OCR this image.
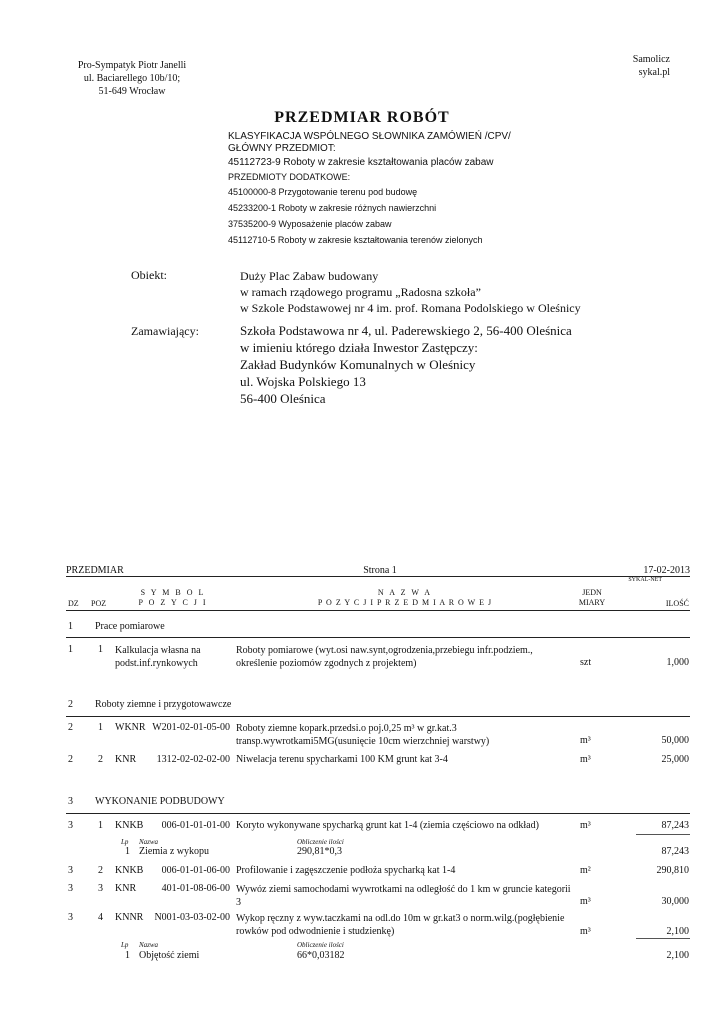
Pro-Sympatyk Piotr Janelli
ul. Baciarellego 10b/10;
51-649 Wrocław
Samolicz
sykal.pl
PRZEDMIAR ROBÓT
KLASYFIKACJA WSPÓLNEGO SŁOWNIKA ZAMÓWIEŃ /CPV/
GŁÓWNY PRZEDMIOT:
45112723-9 Roboty w zakresie kształtowania placów zabaw
PRZEDMIOTY DODATKOWE:
45100000-8 Przygotowanie terenu pod budowę
45233200-1 Roboty w zakresie różnych nawierzchni
37535200-9 Wyposażenie placów zabaw
45112710-5 Roboty w zakresie kształtowania terenów zielonych
Obiekt:	Duży Plac Zabaw budowany
w ramach rządowego programu „Radosna szkoła”
w Szkole Podstawowej nr 4 im. prof. Romana Podolskiego w Oleśnicy
Zamawiający:	Szkoła Podstawowa nr 4, ul. Paderewskiego 2, 56-400 Oleśnica
w imieniu którego działa Inwestor Zastępczy:
Zakład Budynków Komunalnych w Oleśnicy
ul. Wojska Polskiego 13
56-400 Oleśnica
PRZEDMIAR	Strona 1	17-02-2013
SYKAL-NET
S Y M B O L
P O Z Y C J I
N A Z W A
P O Z Y C J I P R Z E D M I A R O W E J
JEDN
MIARY
DZ POZ	ILOŚĆ
1 Prace pomiarowe
1	1 Kalkulacja własna na
podst.inf.rynkowych
Roboty pomiarowe (wyt.osi naw.synt,ogrodzenia,przebiegu infr.podziem.,
określenie poziomów zgodnych z projektem)	szt	1,000
2 Roboty ziemne i przygotowawcze
2	1 WKNR W201-02-01-05-00 Roboty ziemne kopark.przedsi.o poj.0,25 m³ w gr.kat.3
transp.wywrotkami5MG(usunięcie 10cm wierzchniej warstwy)	m³	50,000
2	2 KNR	1312-02-02-02-00 Niwelacja terenu spycharkami 100 KM grunt kat 3-4	m³	25,000
3 WYKONANIE PODBUDOWY
3	1 KNKB	006-01-01-01-00 Koryto wykonywane spycharką grunt kat 1-4 (ziemia częściowo na odkład)	m³	87,243
Lp Nazwa	Obliczenie ilości
1 Ziemia z wykopu	290,81*0,3	87,243
3	2 KNKB	006-01-01-06-00 Profilowanie i zagęszczenie podłoża spycharką kat 1-4	m²	290,810
3	3 KNR	401-01-08-06-00 Wywóz ziemi samochodami wywrotkami na odległość do 1 km w gruncie kategorii
3	m³	30,000
3	4 KNNR	N001-03-03-02-00 Wykop ręczny z wyw.taczkami na odl.do 10m w gr.kat3 o norm.wilg.(pogłębienie
rowków pod odwodnienie i studzienkę)	m³	2,100
Lp Nazwa	Obliczenie ilości
1 Objętość ziemi	66*0,03182	2,100
